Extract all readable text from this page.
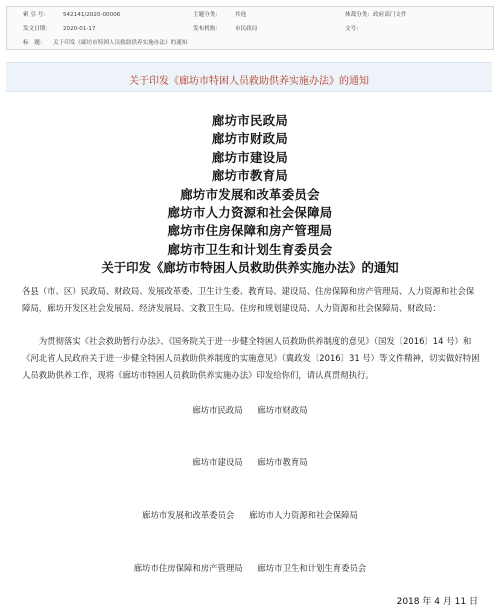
索 引 号：	542141/2020-00006	主题分类：	其他	体裁分类： 政府部门文件
发文日期： 2020-01-17	发布机构：	市民政局	文号：
标　题： 关于印发《廊坊市特困人员救助供养实施办法》的通知
关于印发《廊坊市特困人员救助供养实施办法》的通知
廊坊市民政局
廊坊市财政局
廊坊市建设局
廊坊市教育局
廊坊市发展和改革委员会
廊坊市人力资源和社会保障局
廊坊市住房保障和房产管理局
廊坊市卫生和计划生育委员会
关于印发《廊坊市特困人员救助供养实施办法》的通知
各县（市、区）民政局、财政局、发展改革委、卫生计生委、教育局、建设局、住房保障和房产管理局、人力资源和社会保障局，廊坊开发区社会发展局、经济发展局、文教卫生局、住房和规划建设局、人力资源和社会保障局、财政局：
为贯彻落实《社会救助暂行办法》、《国务院关于进一步健全特困人员救助供养制度的意见》（国发〔2016〕14 号）和《河北省人民政府关于进一步健全特困人员救助供养制度的实施意见》（冀政发〔2016〕31 号）等文件精神，切实做好特困人员救助供养工作，现将《廊坊市特困人员救助供养实施办法》印发给你们，请认真贯彻执行。
廊坊市民政局 廊坊市财政局
廊坊市建设局 廊坊市教育局
廊坊市发展和改革委员会 廊坊市人力资源和社会保障局
廊坊市住房保障和房产管理局 廊坊市卫生和计划生育委员会
2018 年 4 月 11 日
